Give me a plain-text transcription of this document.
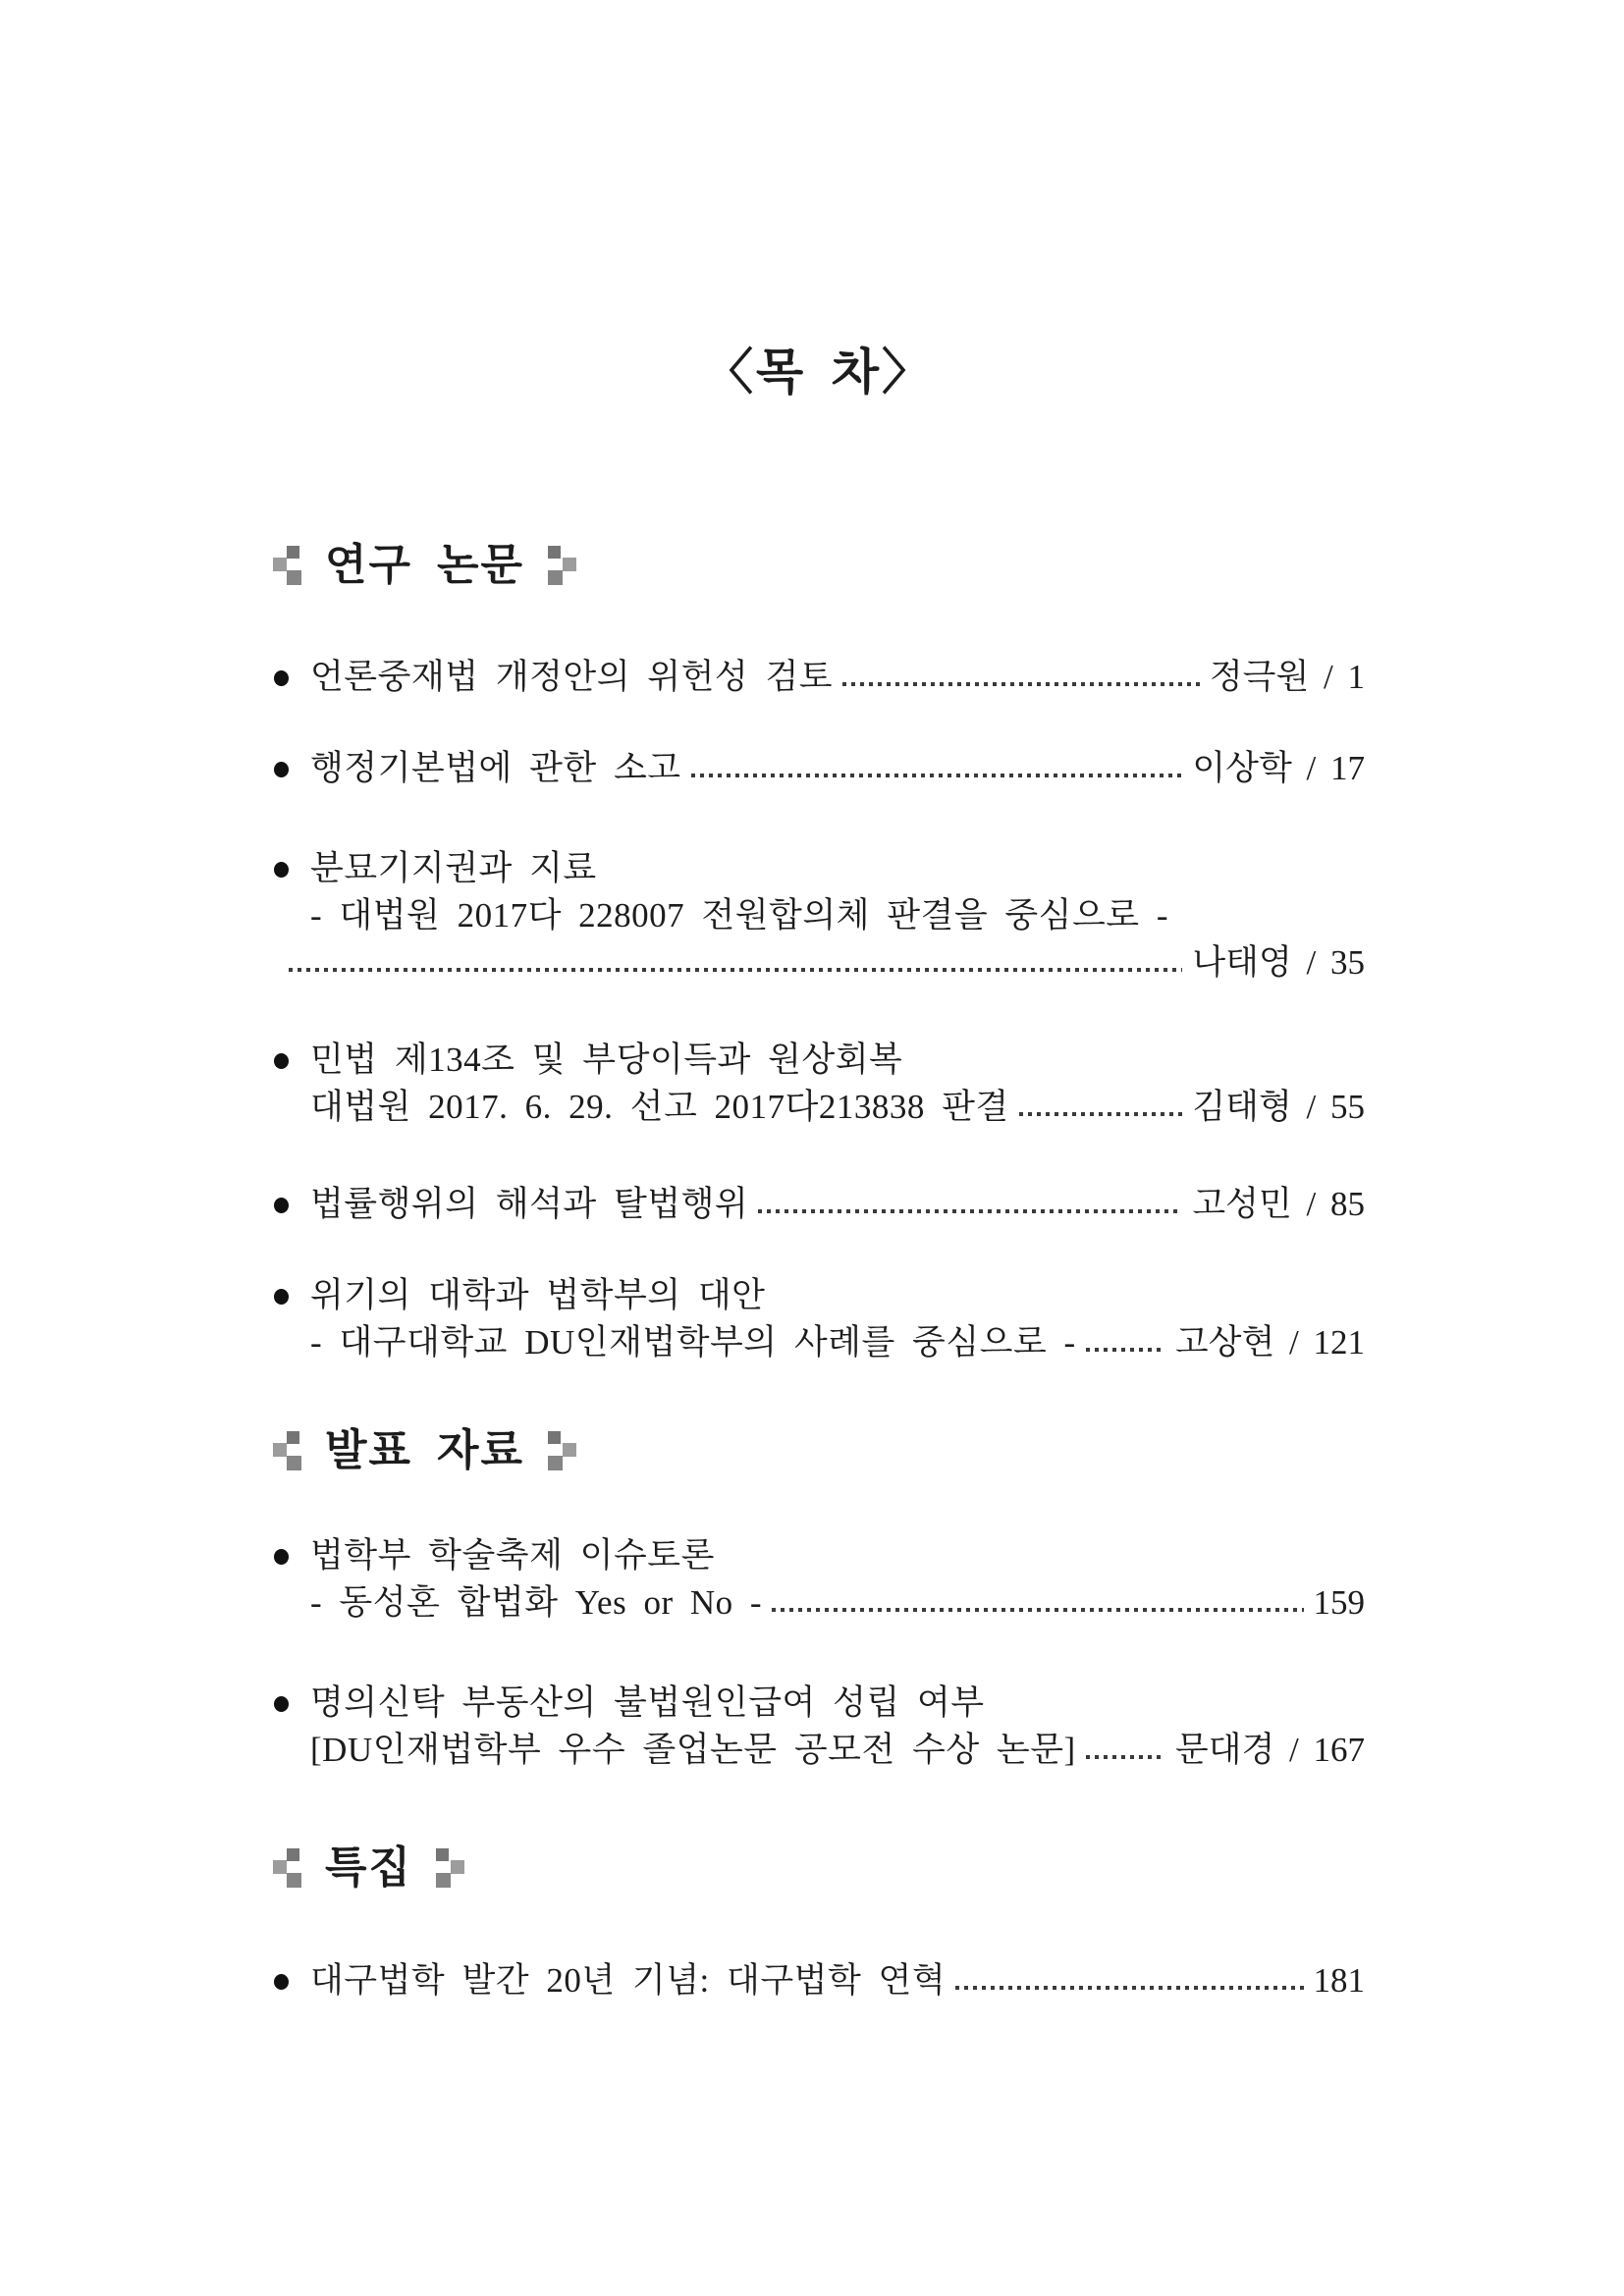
〈목 차〉
연구 논문
언론중재법 개정안의 위헌성 검토	정극원 / 1
행정기본법에 관한 소고	이상학 / 17
분묘기지권과 지료
- 대법원 2017다 228007 전원합의체 판결을 중심으로 -
나태영 / 35
민법 제134조 및 부당이득과 원상회복
대법원 2017. 6. 29. 선고 2017다213838 판결	김태형 / 55
법률행위의 해석과 탈법행위	고성민 / 85
위기의 대학과 법학부의 대안
- 대구대학교 DU인재법학부의 사례를 중심으로 -	고상현 / 121
발표 자료
법학부 학술축제 이슈토론
- 동성혼 합법화 Yes or No -	159
명의신탁 부동산의 불법원인급여 성립 여부
[DU인재법학부 우수 졸업논문 공모전 수상 논문]	문대경 / 167
특집
대구법학 발간 20년 기념: 대구법학 연혁	181
